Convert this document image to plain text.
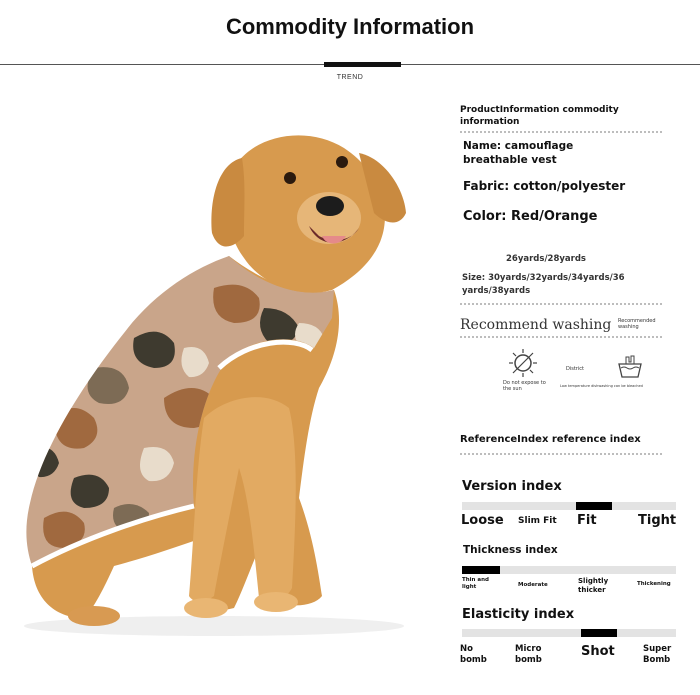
Commodity Information
TREND
ProductInformation commodity information
Name: camouflage breathable vest
Fabric: cotton/polyester
Color: Red/Orange
26yards/28yards
Size: 30yards/32yards/34yards/36 yards/38yards
Recommend washing Recommended washing
Do not expose to the sun
District
Low temperature dishwashing can be bleached
ReferenceIndex reference index
Version index
Loose Slim Fit Fit	Tight
Thickness index
Thin and light	Moderate	Slightly thicker
Thickening
Elasticity index
No bomb
Micro bomb
Shot	Super Bomb
